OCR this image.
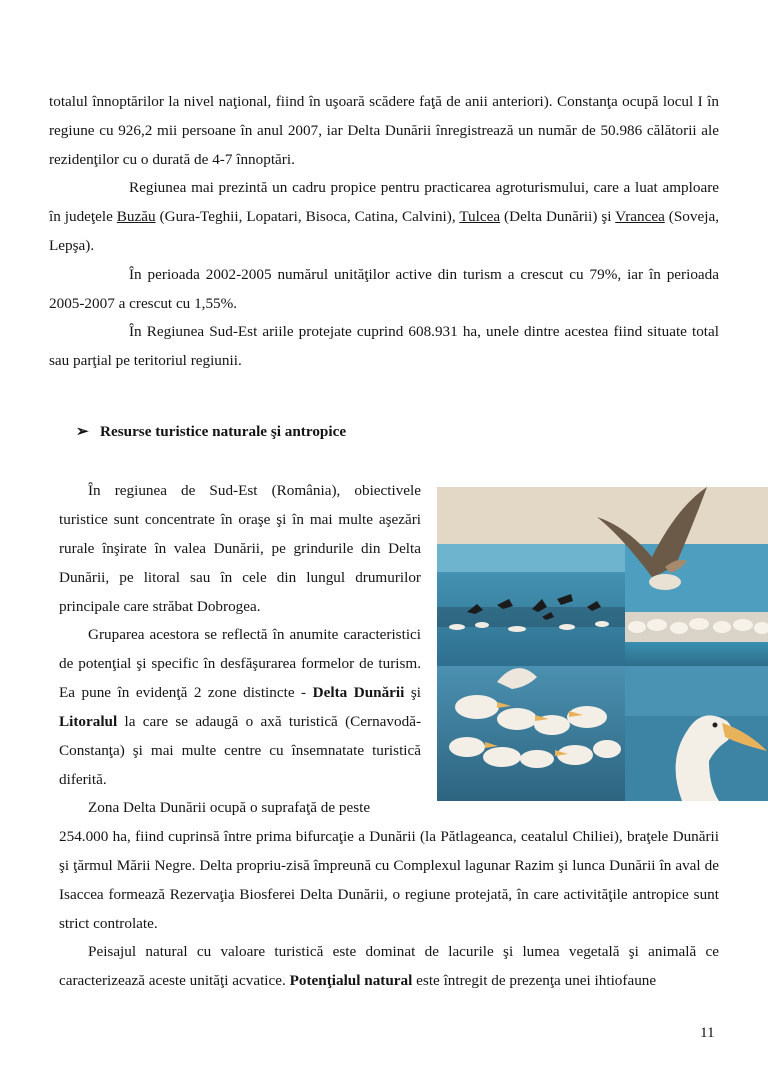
totalul înnoptărilor la nivel naţional, fiind în uşoară scădere faţă de anii anteriori). Constanţa ocupă locul I în regiune cu 926,2 mii persoane în anul 2007, iar Delta Dunării înregistrează un număr de 50.986 călătorii ale rezidenţilor cu o durată de 4-7 înnoptări.

Regiunea mai prezintă un cadru propice pentru practicarea agroturismului, care a luat amploare în judeţele Buzău (Gura-Teghii, Lopatari, Bisoca, Catina, Calvini), Tulcea (Delta Dunării) şi Vrancea (Soveja, Lepşa).

În perioada 2002-2005 numărul unităţilor active din turism a crescut cu 79%, iar în perioada 2005-2007 a crescut cu 1,55%.

În Regiunea Sud-Est ariile protejate cuprind 608.931 ha, unele dintre acestea fiind situate total sau parţial pe teritoriul regiunii.

➢ Resurse turistice naturale şi antropice

În regiunea de Sud-Est (România), obiectivele turistice sunt concentrate în oraşe şi în mai multe aşezări rurale înşirate în valea Dunării, pe grindurile din Delta Dunării, pe litoral sau în cele din lungul drumurilor principale care străbat Dobrogea.

Gruparea acestora se reflectă în anumite caracteristici de potenţial şi specific în desfăşurarea formelor de turism. Ea pune în evidenţă 2 zone distincte - Delta Dunării şi Litoralul la care se adaugă o axă turistică (Cernavodă-Constanţa) şi mai multe centre cu însemnatate turistică diferită.

Zona Delta Dunării ocupă o suprafaţă de peste

254.000 ha, fiind cuprinsă între prima bifurcaţie a Dunării (la Pătlageanca, ceatalul Chiliei), braţele Dunării şi ţărmul Mării Negre. Delta propriu-zisă împreună cu Complexul lagunar Razim şi lunca Dunării în aval de Isaccea formează Rezervaţia Biosferei Delta Dunării, o regiune protejată, în care activităţile antropice sunt strict controlate.

Peisajul natural cu valoare turistică este dominat de lacurile şi lumea vegetală şi animală ce caracterizează aceste unităţi acvatice. Potenţialul natural este întregit de prezenţa unei ihtiofaune

11
